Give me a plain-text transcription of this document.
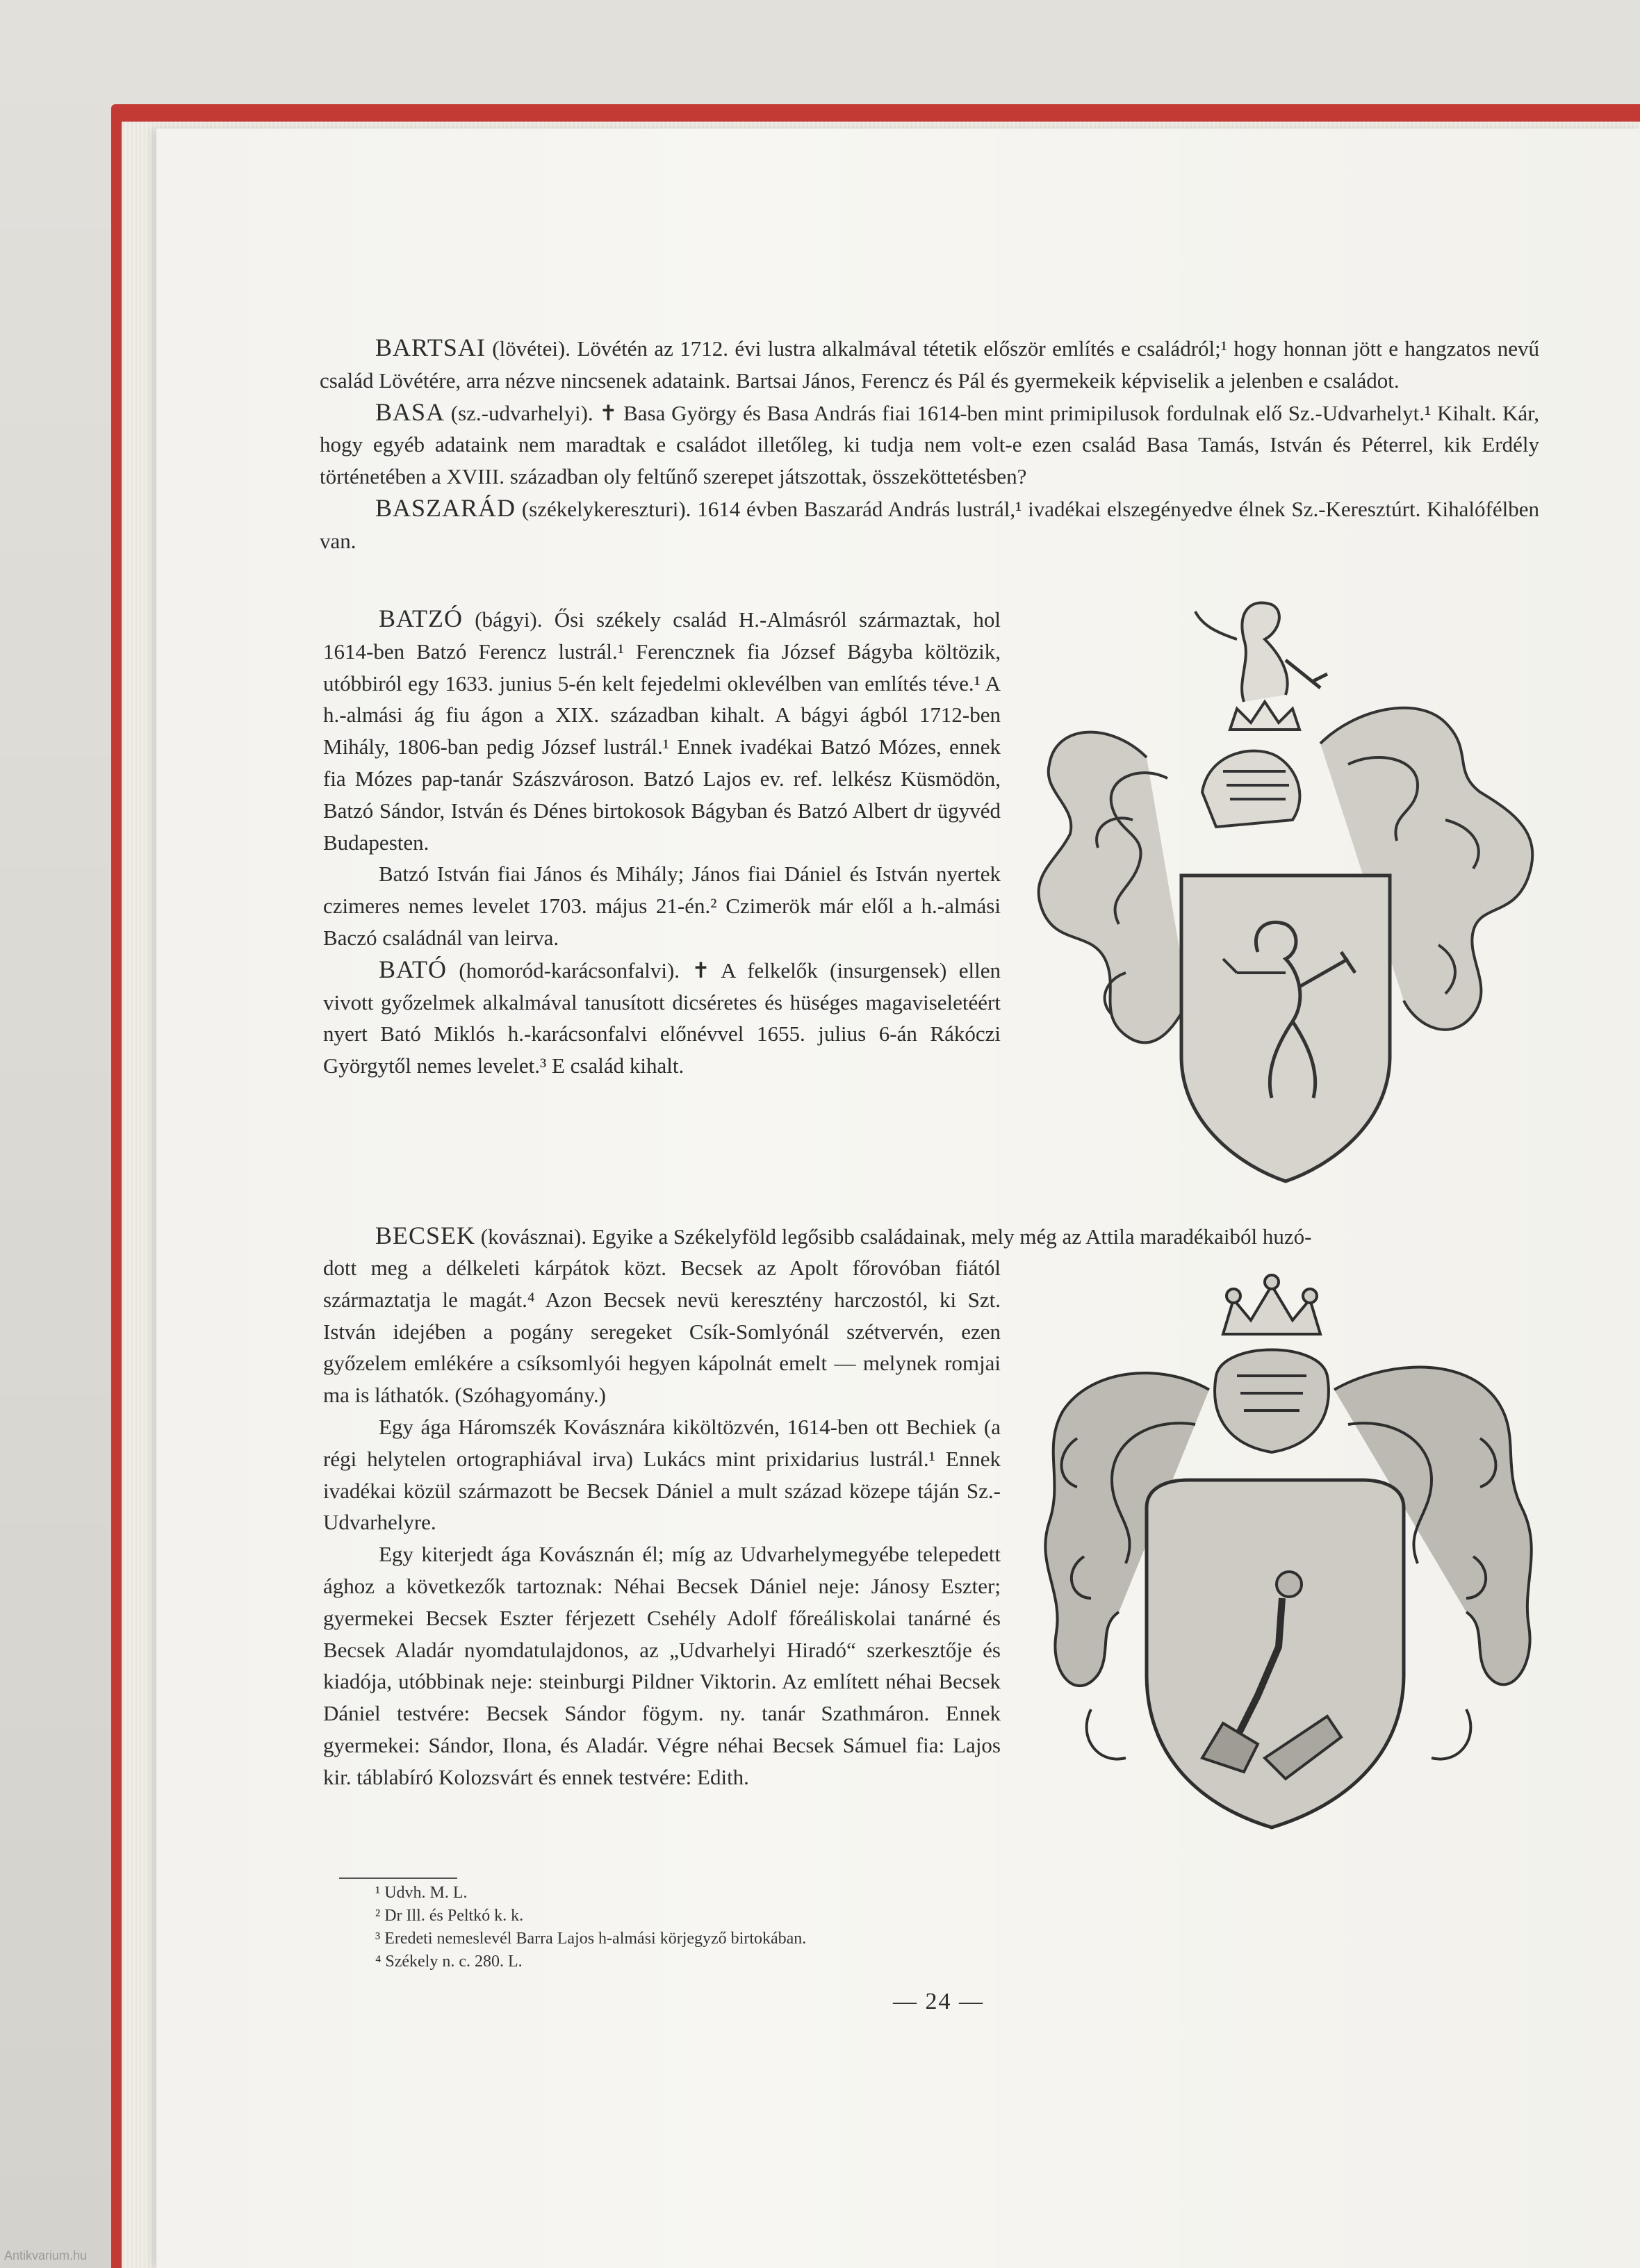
BARTSAI (lövétei). Lövétén az 1712. évi lustra alkalmával tétetik először említés e családról;¹ hogy honnan jött e hangzatos nevű család Lövétére, arra nézve nincsenek adataink. Bartsai János, Ferencz és Pál és gyermekeik képviselik a jelenben e családot.

BASA (sz.-udvarhelyi). ✝ Basa György és Basa András fiai 1614-ben mint primipilusok fordulnak elő Sz.-Udvarhelyt.¹ Kihalt. Kár, hogy egyéb adataink nem maradtak e családot illetőleg, ki tudja nem volt-e ezen család Basa Tamás, István és Péterrel, kik Erdély történetében a XVIII. században oly feltűnő szerepet játszottak, összeköttetésben?

BASZARÁD (székelykereszturi). 1614 évben Baszarád András lustrál,¹ ivadékai elszegényedve élnek Sz.-Keresztúrt. Kihalófélben van.

BATZÓ (bágyi). Ősi székely család H.-Almásról származtak, hol 1614-ben Batzó Ferencz lustrál.¹ Ferencznek fia József Bágyba költözik, utóbbiról egy 1633. junius 5-én kelt fejedelmi oklevélben van említés téve.¹ A h.-almási ág fiu ágon a XIX. században kihalt. A bágyi ágból 1712-ben Mihály, 1806-ban pedig József lustrál.¹ Ennek ivadékai Batzó Mózes, ennek fia Mózes pap-tanár Szászvároson. Batzó Lajos ev. ref. lelkész Küsmödön, Batzó Sándor, István és Dénes birtokosok Bágyban és Batzó Albert dr ügyvéd Budapesten.

Batzó István fiai János és Mihály; János fiai Dániel és István nyertek czimeres nemes levelet 1703. május 21-én.² Czimerök már elől a h.-almási Baczó családnál van leirva.

BATÓ (homoród-karácsonfalvi). ✝ A felkelők (insurgensek) ellen vivott győzelmek alkalmával tanusított dicséretes és hüséges magaviseletéért nyert Bató Miklós h.-karácsonfalvi előnévvel 1655. julius 6-án Rákóczi Györgytől nemes levelet.³ E család kihalt.

BECSEK (kovásznai). Egyike a Székelyföld legősibb családainak, mely még az Attila maradékaiból huzó-

dott meg a délkeleti kárpátok közt. Becsek az Apolt főrovóban fiától származtatja le magát.⁴ Azon Becsek nevü keresztény harczostól, ki Szt. István idejében a pogány seregeket Csík-Somlyónál szétvervén, ezen győzelem emlékére a csíksomlyói hegyen kápolnát emelt — melynek romjai ma is láthatók. (Szóhagyomány.)

Egy ága Háromszék Kovásznára kiköltözvén, 1614-ben ott Bechiek (a régi helytelen ortographiával irva) Lukács mint prixidarius lustrál.¹ Ennek ivadékai közül származott be Becsek Dániel a mult század közepe táján Sz.-Udvarhelyre.

Egy kiterjedt ága Kovásznán él; míg az Udvarhelymegyébe telepedett ághoz a következők tartoznak: Néhai Becsek Dániel neje: Jánosy Eszter; gyermekei Becsek Eszter férjezett Csehély Adolf főreáliskolai tanárné és Becsek Aladár nyomdatulajdonos, az „Udvarhelyi Hiradó“ szerkesztője és kiadója, utóbbinak neje: steinburgi Pildner Viktorin. Az említett néhai Becsek Dániel testvére: Becsek Sándor fögym. ny. tanár Szathmáron. Ennek gyermekei: Sándor, Ilona, és Aladár. Végre néhai Becsek Sámuel fia: Lajos kir. táblabíró Kolozsvárt és ennek testvére: Edith.

¹ Udvh. M. L.
² Dr Ill. és Peltkó k. k.
³ Eredeti nemeslevél Barra Lajos h-almási körjegyző birtokában.
⁴ Székely n. c. 280. L.
— 24 —
Antikvarium.hu
